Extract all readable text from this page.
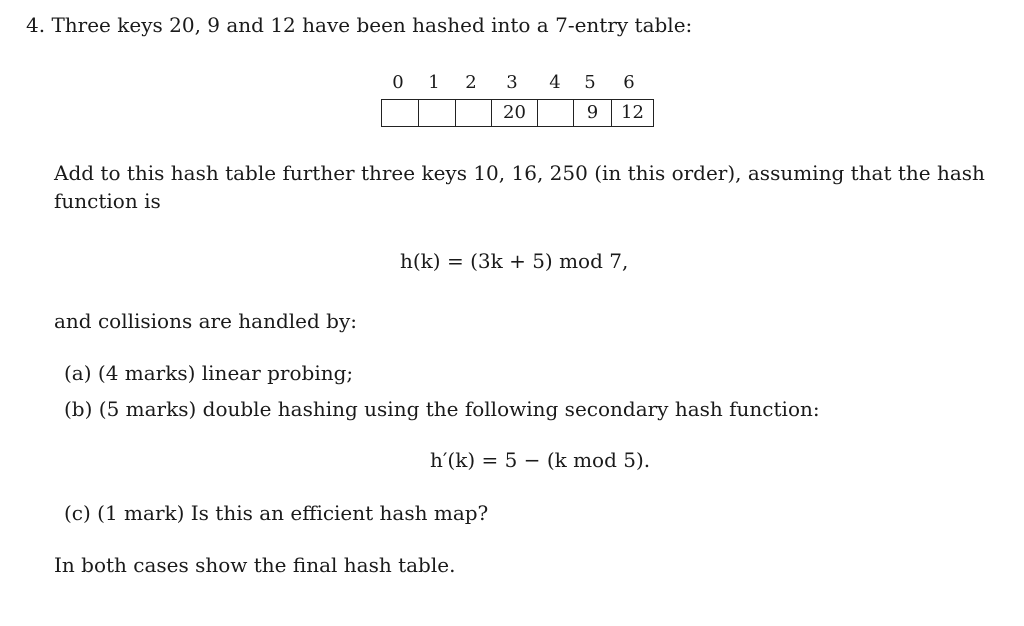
4. Three keys 20, 9 and 12 have been hashed into a 7-entry table:
0 1 2 3 4 5 6
20	9	12
Add to this hash table further three keys 10, 16, 250 (in this order), assuming that the hash
function is
h(k) = (3k + 5) mod 7,
and collisions are handled by:
(a) (4 marks) linear probing;
(b) (5 marks) double hashing using the following secondary hash function:
h′(k) = 5 − (k mod 5).
(c) (1 mark) Is this an efficient hash map?
In both cases show the final hash table.
